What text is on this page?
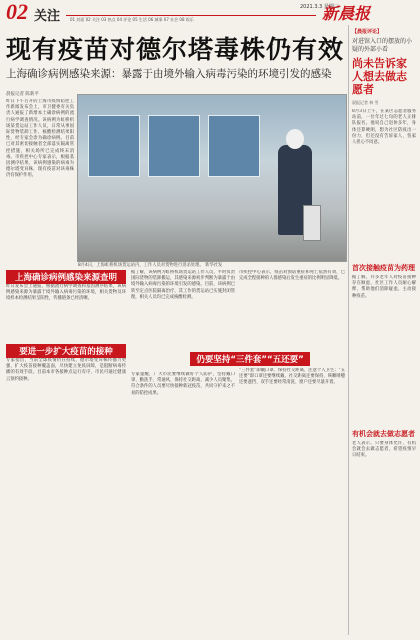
02 关注 01 封面 02 关注 03 热点 04 评论 05 生活 06 城事 07 社会 08 娱乐
2021.3.3 星期三
新晨报
现有疫苗对德尔塔毒株仍有效
上海确诊病例感染来源：暴露于由境外输入病毒污染的环境引发的感染
晨报记者 陈新平
昨日下午召开的上海市疫情防控工作新闻发布会上，市卫健委有关负责人通报了新增本土确诊病例的流行病学调查情况。该病例为虹桥机场某货运站工作人员，日常从事国际货物装卸工作，核酸检测结果阳性，经专家会诊为确诊病例。目前已对其密切接触者全部落实隔离管控措施，相关场所已完成终末消毒。市疾控中心专家表示，根据基因测序结果，该病例感染的病毒为德尔塔变异株，现有疫苗对该毒株仍有保护作用。
8月4日，上海虹桥机场货运站内，工作人员对货物进行消杀处理。 新华社发
上海确诊病例感染来源查明
昨日发布会上通报，根据流行病学调查和基因测序结果，该病例感染来源为暴露于境外输入病毒污染的环境，相关货物及环境样本检测结果呈阳性，传播链条已经清晰。
要进一步扩大疫苗的接种
专家指出，当前全球疫情仍在持续，德尔塔变异株传播力更强，扩大疫苗接种覆盖面，尽快建立免疫屏障，是阻断病毒传播的有效手段。目前本市各接种点运行有序，市民可通过健康云预约接种。
据了解，该病例为虹桥机场货运站工作人员，平时负责国际货物的装卸搬运，其感染来源初步判断为暴露于由境外输入病毒污染的环境引发的感染。目前，该病例已转至定点医院隔离治疗，其工作的货运站已实施封闭管理，相关人员均已完成核酸检测。
专家提醒，广大市民要继续做好个人防护，坚持戴口罩、勤洗手、常通风、保持社交距离，减少人员聚集，符合条件的人员要尽快接种新冠疫苗，共同守护来之不易的防控成果。
市疾控中心表示，疫苗对预防重症和死亡依然有效，已完成全程接种的人群感染后发生重症的比例明显降低。
仍要坚持“三件套”“五还要”
“三件套”即戴口罩、保持社交距离、注意个人卫生；“五还要”即口罩还要继续戴、社交距离还要保持、咳嗽喷嚏还要遮挡、双手还要经常清洗、窗户还要尽量开着。
【晨报评论】
对进馆入口的摆放的小疑的外部小看
尚未告诉家人想去做志愿者
晨报记者 林 雪
8月3日上午，在某区志愿者服务站前，一位年过七旬的老人正排队报名。他说自己退休多年，身体还算硬朗，想为社区防疫出一份力，但还没有告诉家人，怕家人担心不同意。
首次接触疫苗为药理
据了解，许多老年人对疫苗接种存在顾虑，社区工作人员耐心解释，帮助他们消除疑虑，主动接种疫苗。
有机会就去做志愿者
老人表示，只要身体允许，有机会就会去做志愿者，希望疫情早日结束。
